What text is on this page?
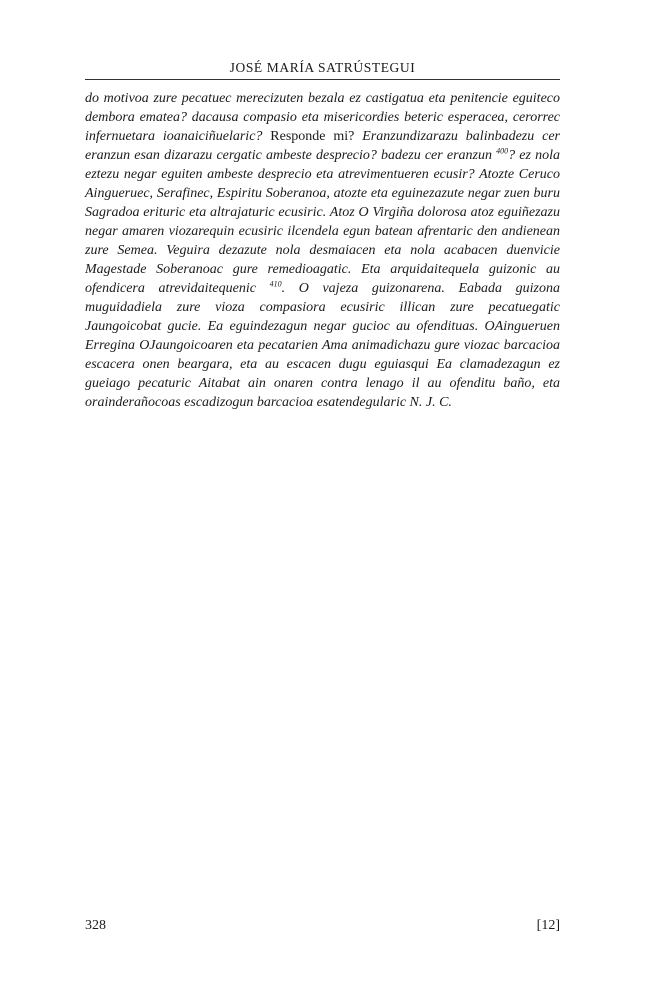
JOSÉ MARÍA SATRÚSTEGUI
do motivoa zure pecatuec merecizuten bezala ez castigatua eta penitencie eguiteco dembora ematea? dacausa compasio eta misericordies beteric esperacea, cerorrec infernuetara ioanaiciñuelaric? Responde mi? Eranzundizarazu balinbadezu cer eranzun esan dizarazu cergatic ambeste desprecio? badezu cer eranzun $^{400}$? ez nola eztezu negar eguiten ambeste desprecio eta atrevimentueren ecusir? Atozte Ceruco Aingueruec, Serafinec, Espiritu Soberanoa, atozte eta eguinezazute negar zuen buru Sagradoa erituric eta altrajaturic ecusiric. Atoz O Virgiña dolorosa atoz eguiñezazu negar amaren viozarequin ecusiric ilcendela egun batean afrentaric den andienean zure Semea. Veguira dezazute nola desmaiacen eta nola acabacen duenvicie Magestade Soberanoac gure remedioagatic. Eta arquidaitequela guizonic au ofendicera atrevidaitequenic $^{410}$. O vajeza guizonarena. Eabada guizona muguidadiela zure vioza compasiora ecusiric illican zure pecatuegatic Jaungoicobat gucie. Ea eguindezagun negar gucioc au ofendituas. OAingueruen Erregina OJaungoicoaren eta pecatarien Ama animadichazu gure viozac barcacioa escacera onen beargara, eta au escacen dugu eguiasqui Ea clamadezagun ez gueiago pecaturic Aitabat ain onaren contra lenago il au ofenditu baño, eta orainderañocoas escadizogun barcacioa esatendegularic N. J. C.
328	[12]
